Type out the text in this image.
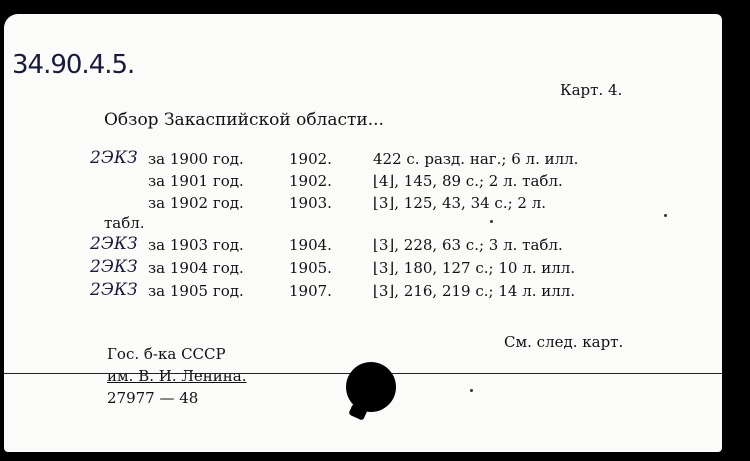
34.90.4.5.
Карт. 4.
Обзор Закаспийской области...
2ЭКЗ за 1900 год.	1902.	422 с. разд. наг.; 6 л. илл.
за 1901 год.	1902.	⌊4⌋, 145, 89 с.; 2 л. табл.
за 1902 год.	1903.	⌊3⌋, 125, 43, 34 с.; 2 л.
табл.
2ЭКЗ за 1903 год.	1904.	⌊3⌋, 228, 63 с.; 3 л. табл.
2ЭКЗ за 1904 год.	1905.	⌊3⌋, 180, 127 с.; 10 л. илл.
2ЭКЗ за 1905 год.	1907.	⌊3⌋, 216, 219 с.; 14 л. илл.
См. след. карт.
Гос. б-ка СССР
им. В. И. Ленина.
27977 — 48
